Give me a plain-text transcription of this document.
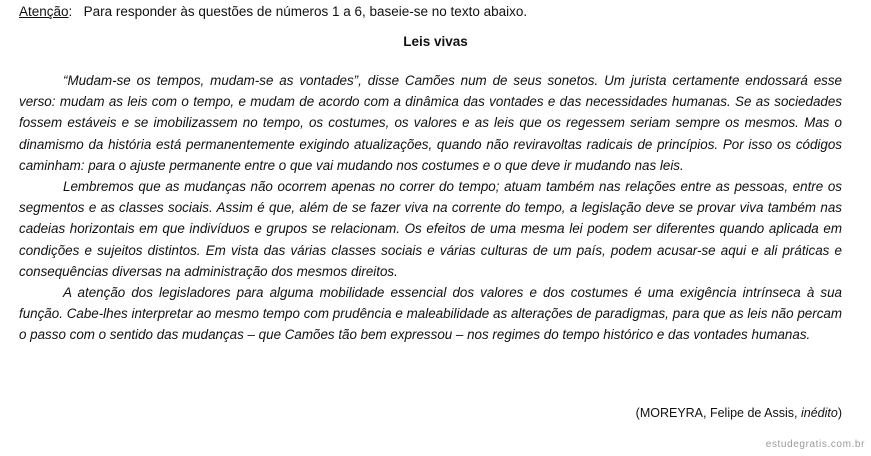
Atenção: Para responder às questões de números 1 a 6, baseie-se no texto abaixo.
Leis vivas

“Mudam-se os tempos, mudam-se as vontades”, disse Camões num de seus sonetos. Um jurista certamente endossará esse verso: mudam as leis com o tempo, e mudam de acordo com a dinâmica das vontades e das necessidades humanas. Se as sociedades fossem estáveis e se imobilizassem no tempo, os costumes, os valores e as leis que os regessem seriam sempre os mesmos. Mas o dinamismo da história está permanentemente exigindo atualizações, quando não reviravoltas radicais de princípios. Por isso os códigos caminham: para o ajuste permanente entre o que vai mudando nos costumes e o que deve ir mudando nas leis.

Lembremos que as mudanças não ocorrem apenas no correr do tempo; atuam também nas relações entre as pessoas, entre os segmentos e as classes sociais. Assim é que, além de se fazer viva na corrente do tempo, a legislação deve se provar viva também nas cadeias horizontais em que indivíduos e grupos se relacionam. Os efeitos de uma mesma lei podem ser diferentes quando aplicada em condições e sujeitos distintos. Em vista das várias classes sociais e várias culturas de um país, podem acusar-se aqui e ali práticas e consequências diversas na administração dos mesmos direitos.

A atenção dos legisladores para alguma mobilidade essencial dos valores e dos costumes é uma exigência intrínseca à sua função. Cabe-lhes interpretar ao mesmo tempo com prudência e maleabilidade as alterações de paradigmas, para que as leis não percam o passo com o sentido das mudanças – que Camões tão bem expressou – nos regimes do tempo histórico e das vontades humanas.

(MOREYRA, Felipe de Assis, inédito)
estudegratis.com.br
